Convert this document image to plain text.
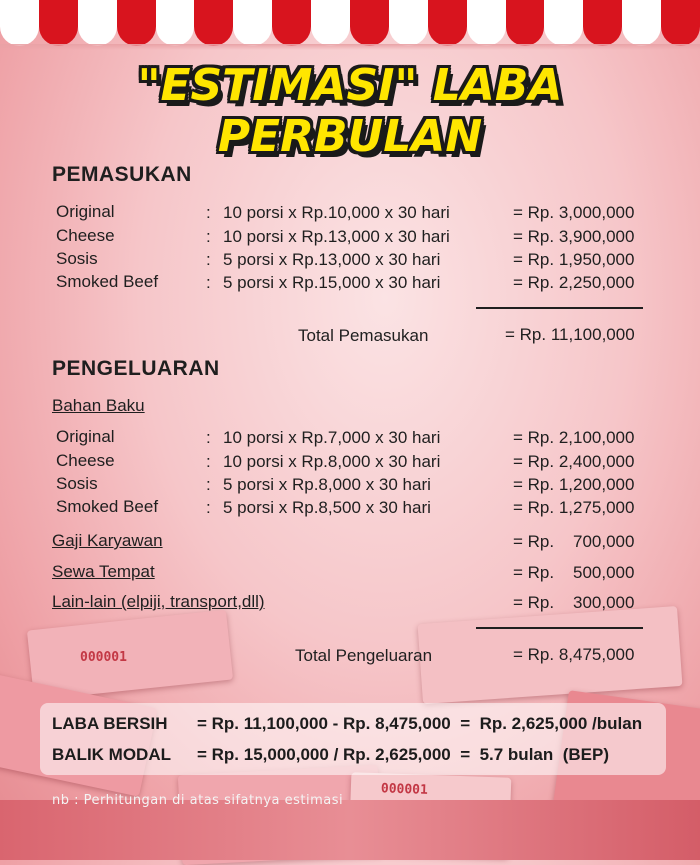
000001
000001
"ESTIMASI" LABA PERBULAN
PEMASUKAN
Original	: 10 porsi x Rp.10,000 x 30 hari	= Rp. 3,000,000
Cheese	: 10 porsi x Rp.13,000 x 30 hari	= Rp. 3,900,000
Sosis	: 5 porsi x Rp.13,000 x 30 hari	= Rp. 1,950,000
Smoked Beef	: 5 porsi x Rp.15,000 x 30 hari	= Rp. 2,250,000
Total Pemasukan	= Rp. 11,100,000
PENGELUARAN
Bahan Baku
Original	: 10 porsi x Rp.7,000 x 30 hari	= Rp. 2,100,000
Cheese	: 10 porsi x Rp.8,000 x 30 hari	= Rp. 2,400,000
Sosis	: 5 porsi x Rp.8,000 x 30 hari	= Rp. 1,200,000
Smoked Beef	: 5 porsi x Rp.8,500 x 30 hari	= Rp. 1,275,000
Gaji Karyawan	= Rp.    700,000
Sewa Tempat	= Rp.    500,000
Lain-lain (elpiji, transport,dll)	= Rp.    300,000
Total Pengeluaran	= Rp. 8,475,000
LABA BERSIH = Rp. 11,100,000 - Rp. 8,475,000  =  Rp. 2,625,000 /bulan
BALIK MODAL = Rp. 15,000,000 / Rp. 2,625,000  =  5.7 bulan  (BEP)
nb : Perhitungan di atas sifatnya estimasi
